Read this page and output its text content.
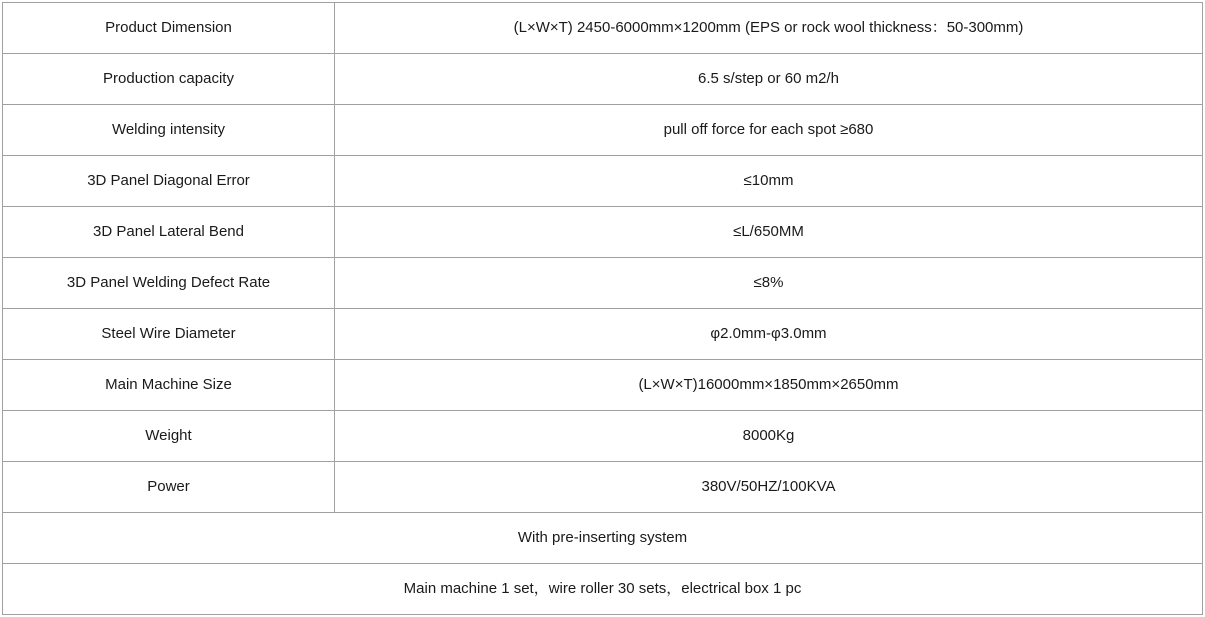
Product Dimension	(L×W×T) 2450-6000mm×1200mm (EPS or rock wool thickness：50-300mm)
Production capacity	6.5 s/step or 60 m2/h
Welding intensity	pull off force for each spot ≥680
3D Panel Diagonal Error	≤10mm
3D Panel Lateral Bend	≤L/650MM
3D Panel Welding Defect Rate	≤8%
Steel Wire Diameter	φ2.0mm-φ3.0mm
Main Machine Size	(L×W×T)16000mm×1850mm×2650mm
Weight	8000Kg
Power	380V/50HZ/100KVA
With pre-inserting system	
Main machine 1 set，wire roller 30 sets，electrical box 1 pc	
